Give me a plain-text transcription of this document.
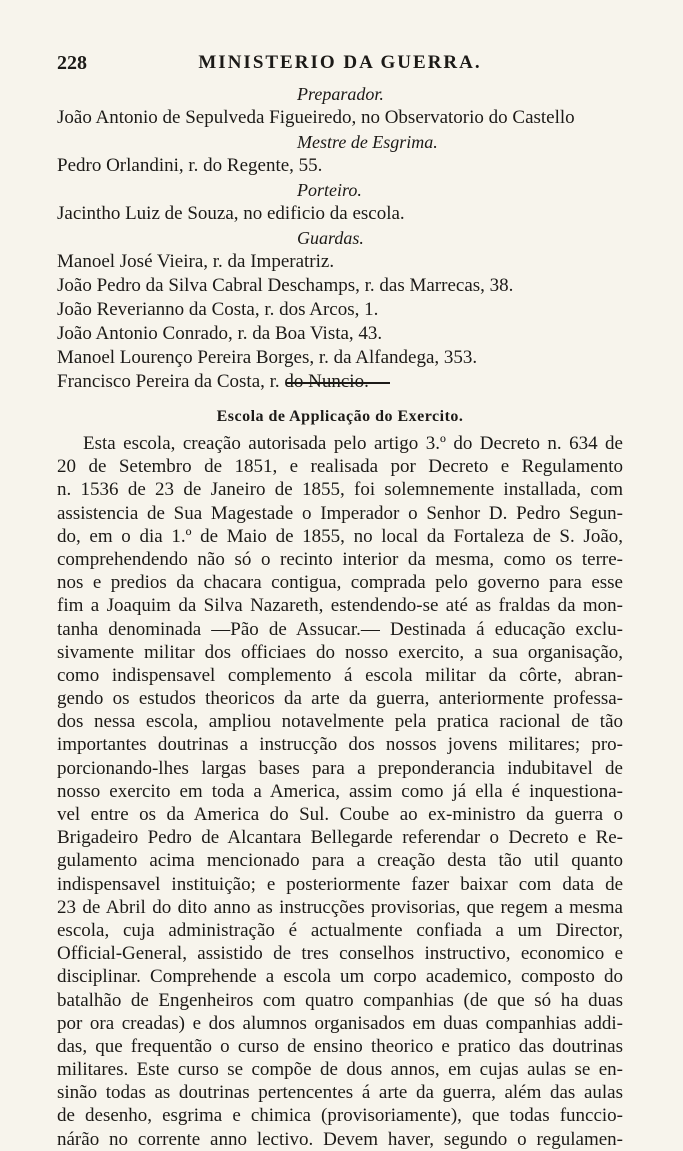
228	MINISTERIO DA GUERRA.
Preparador.
João Antonio de Sepulveda Figueiredo, no Observatorio do Castello
Mestre de Esgrima.
Pedro Orlandini, r. do Regente, 55.
Porteiro.
Jacintho Luiz de Souza, no edificio da escola.
Guardas.
Manoel José Vieira, r. da Imperatriz.
João Pedro da Silva Cabral Deschamps, r. das Marrecas, 38.
João Reverianno da Costa, r. dos Arcos, 1.
João Antonio Conrado, r. da Boa Vista, 43.
Manoel Lourenço Pereira Borges, r. da Alfandega, 353.
Francisco Pereira da Costa, r. do Nuncio.
Escola de Applicação do Exercito.
Esta escola, creação autorisada pelo artigo 3.º do Decreto n. 634 de
20 de Setembro de 1851, e realisada por Decreto e Regulamento
n. 1536 de 23 de Janeiro de 1855, foi solemnemente installada, com
assistencia de Sua Magestade o Imperador o Senhor D. Pedro Segun-
do, em o dia 1.º de Maio de 1855, no local da Fortaleza de S. João,
comprehendendo não só o recinto interior da mesma, como os terre-
nos e predios da chacara contigua, comprada pelo governo para esse
fim a Joaquim da Silva Nazareth, estendendo-se até as fraldas da mon-
tanha denominada —Pão de Assucar.— Destinada á educação exclu-
sivamente militar dos officiaes do nosso exercito, a sua organisação,
como indispensavel complemento á escola militar da côrte, abran-
gendo os estudos theoricos da arte da guerra, anteriormente professa-
dos nessa escola, ampliou notavelmente pela pratica racional de tão
importantes doutrinas a instrucção dos nossos jovens militares; pro-
porcionando-lhes largas bases para a preponderancia indubitavel de
nosso exercito em toda a America, assim como já ella é inquestiona-
vel entre os da America do Sul. Coube ao ex-ministro da guerra o
Brigadeiro Pedro de Alcantara Bellegarde referendar o Decreto e Re-
gulamento acima mencionado para a creação desta tão util quanto
indispensavel instituição; e posteriormente fazer baixar com data de
23 de Abril do dito anno as instrucções provisorias, que regem a mesma
escola, cuja administração é actualmente confiada a um Director,
Official-General, assistido de tres conselhos instructivo, economico e
disciplinar. Comprehende a escola um corpo academico, composto do
batalhão de Engenheiros com quatro companhias (de que só ha duas
por ora creadas) e dos alumnos organisados em duas companhias addi-
das, que frequentão o curso de ensino theorico e pratico das doutrinas
militares. Este curso se compõe de dous annos, em cujas aulas se en-
sinão todas as doutrinas pertencentes á arte da guerra, além das aulas
de desenho, esgrima e chimica (provisoriamente), que todas funccio-
nárão no corrente anno lectivo. Devem haver, segundo o regulamen-
